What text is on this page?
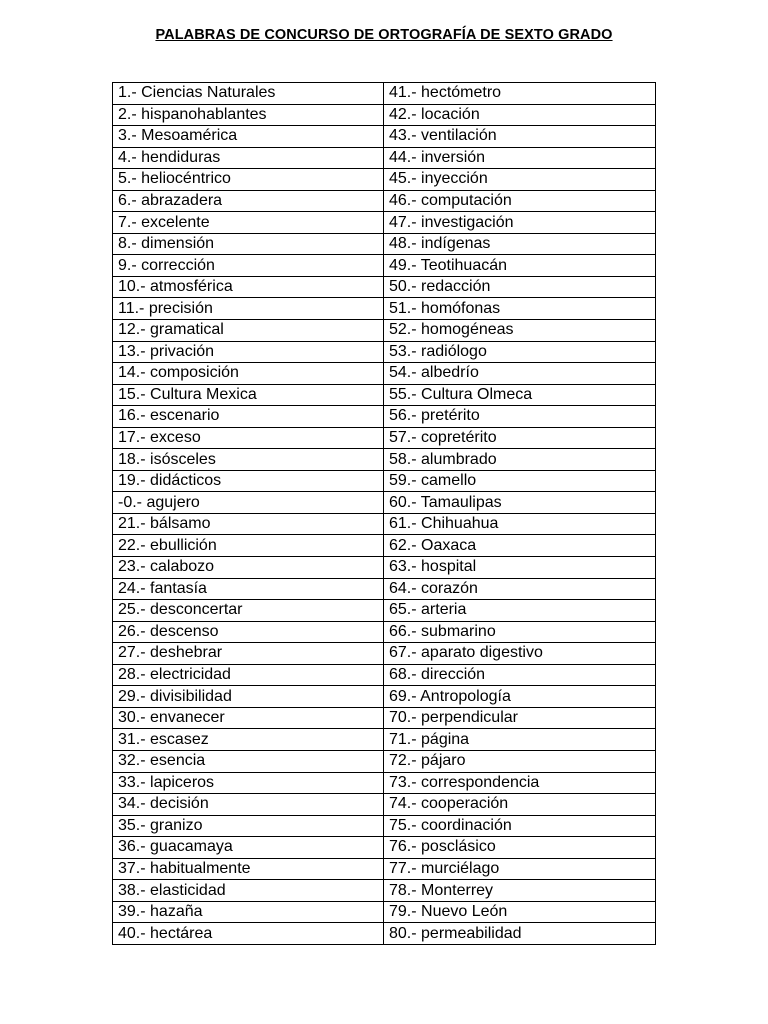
PALABRAS DE CONCURSO DE ORTOGRAFÍA DE SEXTO GRADO
1.- Ciencias Naturales	41.- hectómetro
2.- hispanohablantes	42.- locación
3.- Mesoamérica	43.- ventilación
4.- hendiduras	44.- inversión
5.- heliocéntrico	45.- inyección
6.- abrazadera	46.- computación
7.- excelente	47.- investigación
8.- dimensión	48.- indígenas
9.- corrección	49.- Teotihuacán
10.- atmosférica	50.- redacción
11.- precisión	51.- homófonas
12.- gramatical	52.- homogéneas
13.- privación	53.- radiólogo
14.- composición	54.- albedrío
15.- Cultura Mexica	55.- Cultura Olmeca
16.- escenario	56.- pretérito
17.- exceso	57.- copretérito
18.- isósceles	58.- alumbrado
19.- didácticos	59.- camello
-0.- agujero	60.- Tamaulipas
21.- bálsamo	61.- Chihuahua
22.- ebullición	62.- Oaxaca
23.- calabozo	63.- hospital
24.- fantasía	64.- corazón
25.- desconcertar	65.- arteria
26.- descenso	66.- submarino
27.- deshebrar	67.- aparato digestivo
28.- electricidad	68.- dirección
29.- divisibilidad	69.- Antropología
30.- envanecer	70.- perpendicular
31.- escasez	71.- página
32.- esencia	72.- pájaro
33.- lapiceros	73.- correspondencia
34.- decisión	74.- cooperación
35.- granizo	75.- coordinación
36.- guacamaya	76.- posclásico
37.- habitualmente	77.- murciélago
38.- elasticidad	78.- Monterrey
39.- hazaña	79.- Nuevo León
40.- hectárea	80.- permeabilidad
